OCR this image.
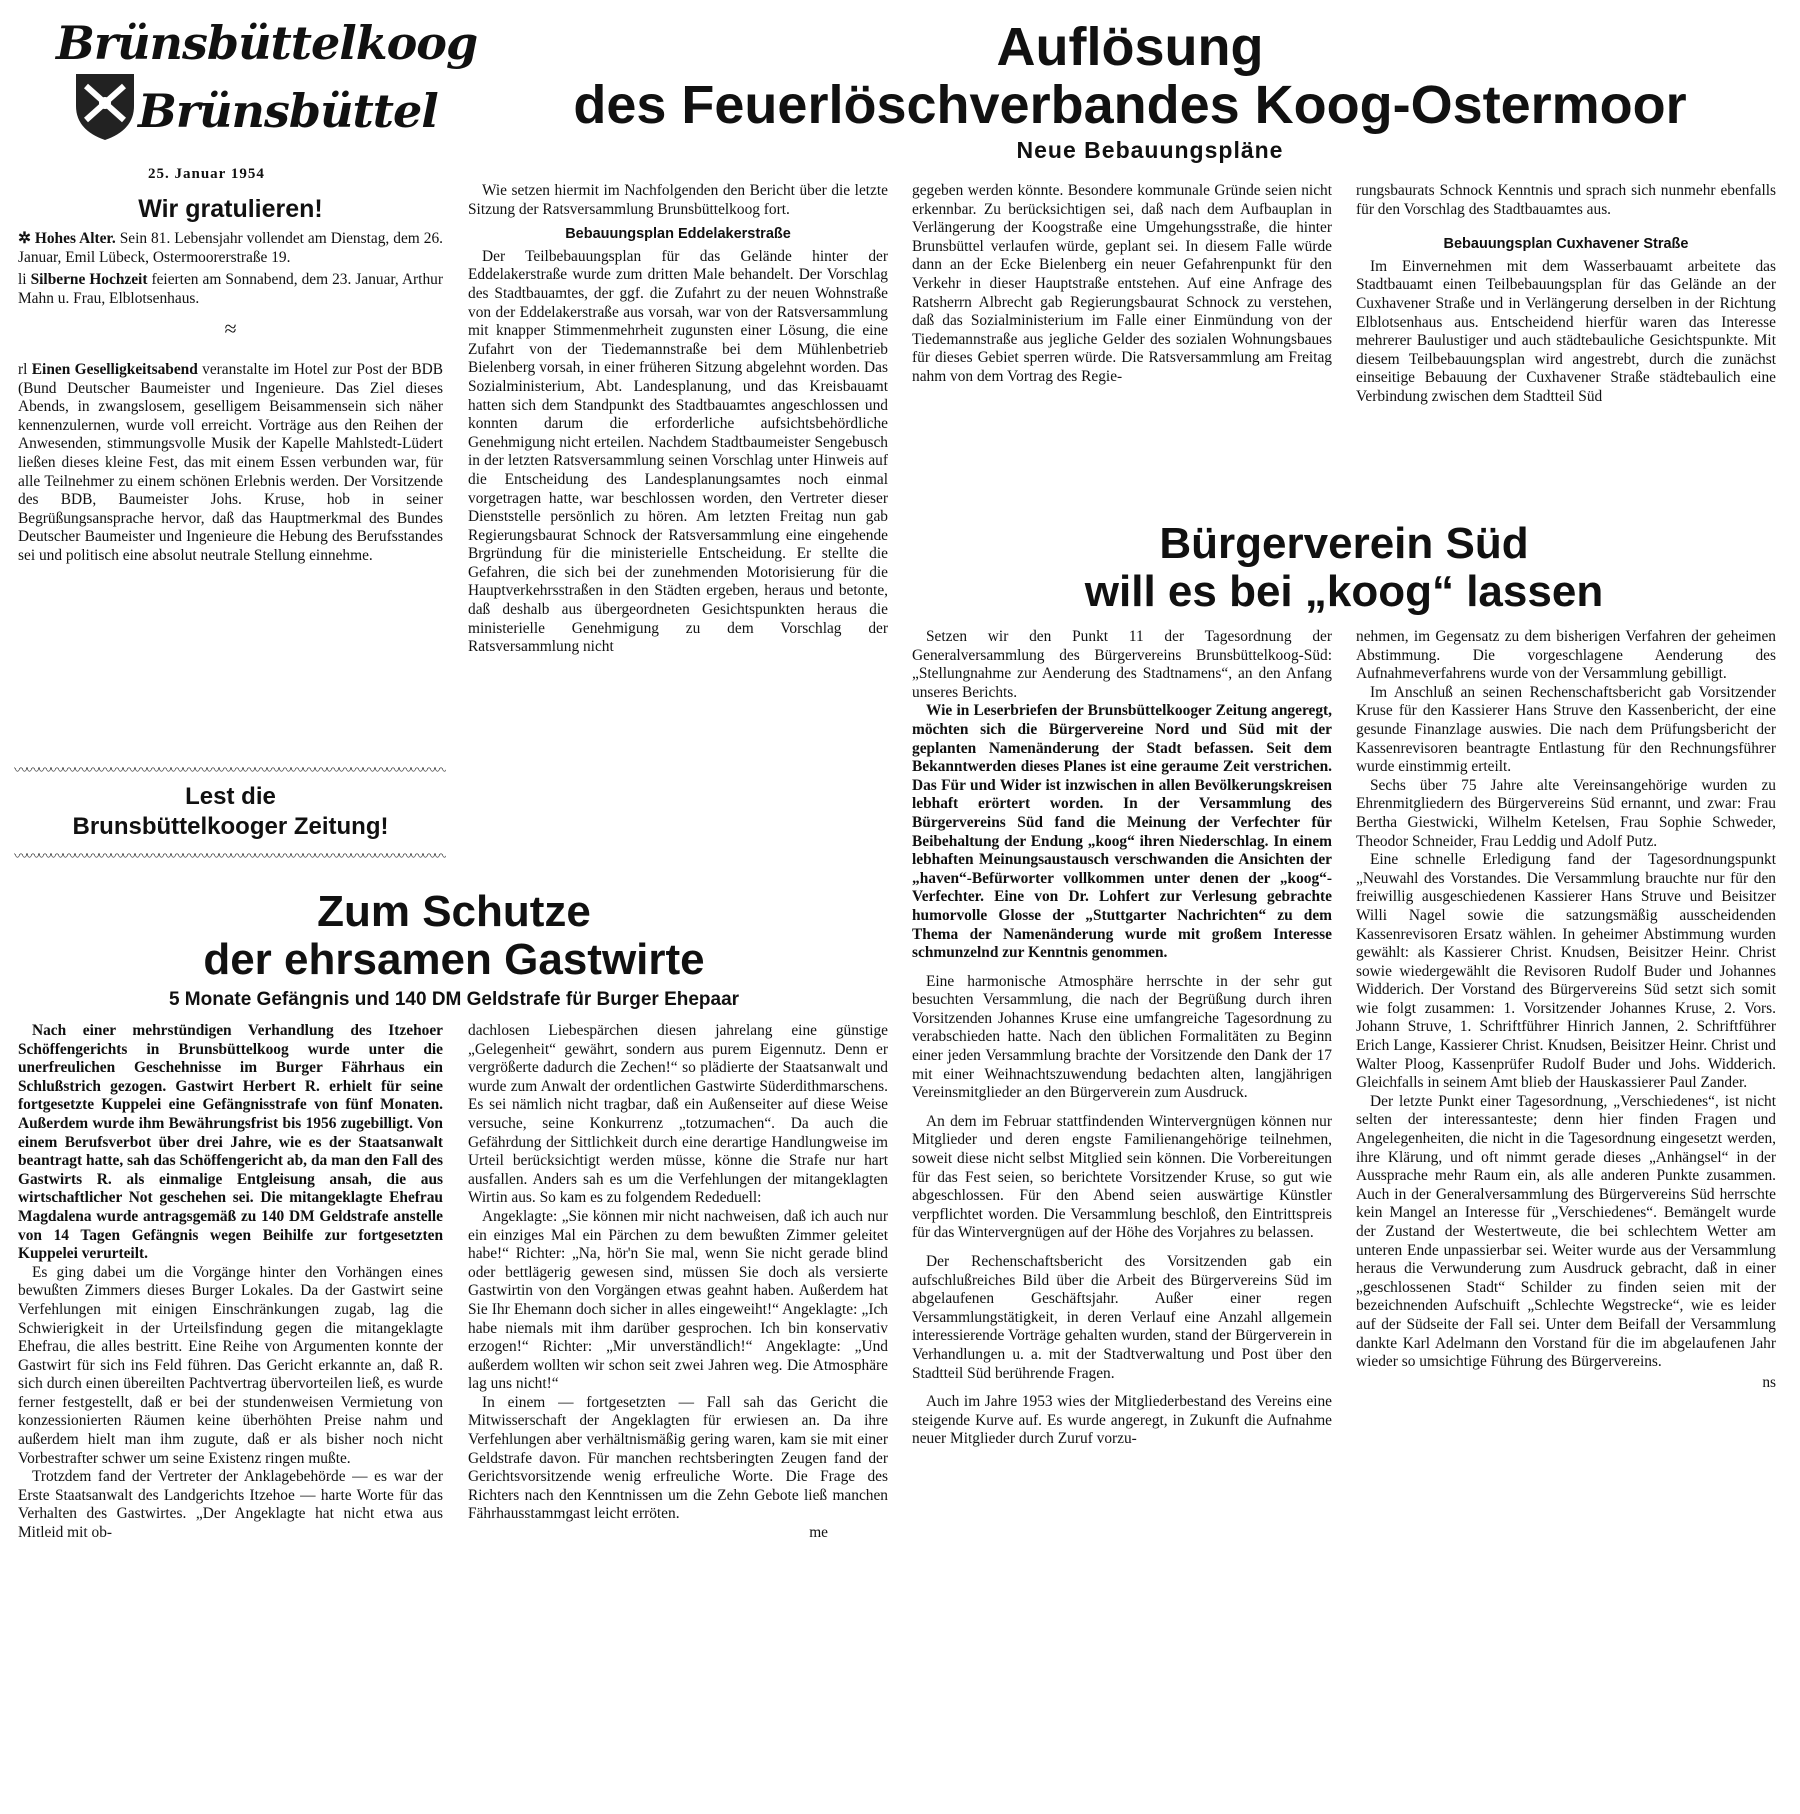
Brünsbüttelkoog
Brünsbüttel
25. Januar 1954
Auflösung
des Feuerlöschverbandes Koog-Ostermoor
Neue Bebauungspläne
Wir gratulieren!

✲ Hohes Alter. Sein 81. Lebensjahr vollendet am Dienstag, dem 26. Januar, Emil Lübeck, Ostermoorerstraße 19.

li Silberne Hochzeit feierten am Sonnabend, dem 23. Januar, Arthur Mahn u. Frau, Elblotsenhaus.

≈

rl Einen Geselligkeitsabend veranstalte im Hotel zur Post der BDB (Bund Deutscher Baumeister und Ingenieure. Das Ziel dieses Abends, in zwangslosem, geselligem Beisammensein sich näher kennenzulernen, wurde voll erreicht. Vorträge aus den Reihen der Anwesenden, stimmungsvolle Musik der Kapelle Mahlstedt-Lüdert ließen dieses kleine Fest, das mit einem Essen verbunden war, für alle Teilnehmer zu einem schönen Erlebnis werden. Der Vorsitzende des BDB, Baumeister Johs. Kruse, hob in seiner Begrüßungsansprache hervor, daß das Hauptmerkmal des Bundes Deutscher Baumeister und Ingenieure die Hebung des Berufsstandes sei und politisch eine absolut neutrale Stellung einnehme.

〰〰〰〰〰〰〰〰〰〰〰〰〰〰〰〰〰〰〰〰〰〰〰〰〰〰〰〰〰〰〰〰〰〰〰〰
Lest die
Brunsbüttelkooger Zeitung!
〰〰〰〰〰〰〰〰〰〰〰〰〰〰〰〰〰〰〰〰〰〰〰〰〰〰〰〰〰〰〰〰〰〰〰〰

Wie setzen hiermit im Nachfolgenden den Bericht über die letzte Sitzung der Ratsversammlung Brunsbüttelkoog fort.

Bebauungsplan Eddelakerstraße

Der Teilbebauungsplan für das Gelände hinter der Eddelakerstraße wurde zum dritten Male behandelt. Der Vorschlag des Stadtbauamtes, der ggf. die Zufahrt zu der neuen Wohnstraße von der Eddelakerstraße aus vorsah, war von der Ratsversammlung mit knapper Stimmenmehrheit zugunsten einer Lösung, die eine Zufahrt von der Tiedemannstraße bei dem Mühlenbetrieb Bielenberg vorsah, in einer früheren Sitzung abgelehnt worden. Das Sozialministerium, Abt. Landesplanung, und das Kreisbauamt hatten sich dem Standpunkt des Stadtbauamtes angeschlossen und konnten darum die erforderliche aufsichtsbehördliche Genehmigung nicht erteilen. Nachdem Stadtbaumeister Sengebusch in der letzten Ratsversammlung seinen Vorschlag unter Hinweis auf die Entscheidung des Landesplanungsamtes noch einmal vorgetragen hatte, war beschlossen worden, den Vertreter dieser Dienststelle persönlich zu hören. Am letzten Freitag nun gab Regierungsbaurat Schnock der Ratsversammlung eine eingehende Brgründung für die ministerielle Entscheidung. Er stellte die Gefahren, die sich bei der zunehmenden Motorisierung für die Hauptverkehrsstraßen in den Städten ergeben, heraus und betonte, daß deshalb aus übergeordneten Gesichtspunkten heraus die ministerielle Genehmigung zu dem Vorschlag der Ratsversammlung nicht

gegeben werden könnte. Besondere kommunale Gründe seien nicht erkennbar. Zu berücksichtigen sei, daß nach dem Aufbauplan in Verlängerung der Koogstraße eine Umgehungsstraße, die hinter Brunsbüttel verlaufen würde, geplant sei. In diesem Falle würde dann an der Ecke Bielenberg ein neuer Gefahrenpunkt für den Verkehr in dieser Hauptstraße entstehen. Auf eine Anfrage des Ratsherrn Albrecht gab Regierungsbaurat Schnock zu verstehen, daß das Sozialministerium im Falle einer Einmündung von der Tiedemannstraße aus jegliche Gelder des sozialen Wohnungsbaues für dieses Gebiet sperren würde. Die Ratsversammlung am Freitag nahm von dem Vortrag des Regie-

rungsbaurats Schnock Kenntnis und sprach sich nunmehr ebenfalls für den Vorschlag des Stadtbauamtes aus.

Bebauungsplan Cuxhavener Straße

Im Einvernehmen mit dem Wasserbauamt arbeitete das Stadtbauamt einen Teilbebauungsplan für das Gelände an der Cuxhavener Straße und in Verlängerung derselben in der Richtung Elblotsenhaus aus. Entscheidend hierfür waren das Interesse mehrerer Baulustiger und auch städtebauliche Gesichtspunkte. Mit diesem Teilbebauungsplan wird angestrebt, durch die zunächst einseitige Bebauung der Cuxhavener Straße städtebaulich eine Verbindung zwischen dem Stadtteil Süd

Bürgerverein Süd
will es bei „koog“ lassen

Setzen wir den Punkt 11 der Tagesordnung der Generalversammlung des Bürgervereins Brunsbüttelkoog-Süd: „Stellungnahme zur Aenderung des Stadtnamens“, an den Anfang unseres Berichts.

Wie in Leserbriefen der Brunsbüttelkooger Zeitung angeregt, möchten sich die Bürgervereine Nord und Süd mit der geplanten Namenänderung der Stadt befassen. Seit dem Bekanntwerden dieses Planes ist eine geraume Zeit verstrichen. Das Für und Wider ist inzwischen in allen Bevölkerungskreisen lebhaft erörtert worden. In der Versammlung des Bürgervereins Süd fand die Meinung der Verfechter für Beibehaltung der Endung „koog“ ihren Niederschlag. In einem lebhaften Meinungsaustausch verschwanden die Ansichten der „haven“-Befürworter vollkommen unter denen der „koog“-Verfechter. Eine von Dr. Lohfert zur Verlesung gebrachte humorvolle Glosse der „Stuttgarter Nachrichten“ zu dem Thema der Namenänderung wurde mit großem Interesse schmunzelnd zur Kenntnis genommen.

Eine harmonische Atmosphäre herrschte in der sehr gut besuchten Versammlung, die nach der Begrüßung durch ihren Vorsitzenden Johannes Kruse eine umfangreiche Tagesordnung zu verabschieden hatte. Nach den üblichen Formalitäten zu Beginn einer jeden Versammlung brachte der Vorsitzende den Dank der 17 mit einer Weihnachtszuwendung bedachten alten, langjährigen Vereinsmitglieder an den Bürgerverein zum Ausdruck.

An dem im Februar stattfindenden Wintervergnügen können nur Mitglieder und deren engste Familienangehörige teilnehmen, soweit diese nicht selbst Mitglied sein können. Die Vorbereitungen für das Fest seien, so berichtete Vorsitzender Kruse, so gut wie abgeschlossen. Für den Abend seien auswärtige Künstler verpflichtet worden. Die Versammlung beschloß, den Eintrittspreis für das Wintervergnügen auf der Höhe des Vorjahres zu belassen.

Der Rechenschaftsbericht des Vorsitzenden gab ein aufschlußreiches Bild über die Arbeit des Bürgervereins Süd im abgelaufenen Geschäftsjahr. Außer einer regen Versammlungstätigkeit, in deren Verlauf eine Anzahl allgemein interessierende Vorträge gehalten wurden, stand der Bürgerverein in Verhandlungen u. a. mit der Stadtverwaltung und Post über den Stadtteil Süd berührende Fragen.

Auch im Jahre 1953 wies der Mitgliederbestand des Vereins eine steigende Kurve auf. Es wurde angeregt, in Zukunft die Aufnahme neuer Mitglieder durch Zuruf vorzu-

nehmen, im Gegensatz zu dem bisherigen Verfahren der geheimen Abstimmung. Die vorgeschlagene Aenderung des Aufnahmeverfahrens wurde von der Versammlung gebilligt.

Im Anschluß an seinen Rechenschaftsbericht gab Vorsitzender Kruse für den Kassierer Hans Struve den Kassenbericht, der eine gesunde Finanzlage auswies. Die nach dem Prüfungsbericht der Kassenrevisoren beantragte Entlastung für den Rechnungsführer wurde einstimmig erteilt.

Sechs über 75 Jahre alte Vereinsangehörige wurden zu Ehrenmitgliedern des Bürgervereins Süd ernannt, und zwar: Frau Bertha Giestwicki, Wilhelm Ketelsen, Frau Sophie Schweder, Theodor Schneider, Frau Leddig und Adolf Putz.

Eine schnelle Erledigung fand der Tagesordnungspunkt „Neuwahl des Vorstandes. Die Versammlung brauchte nur für den freiwillig ausgeschiedenen Kassierer Hans Struve und Beisitzer Willi Nagel sowie die satzungsmäßig ausscheidenden Kassenrevisoren Ersatz wählen. In geheimer Abstimmung wurden gewählt: als Kassierer Christ. Knudsen, Beisitzer Heinr. Christ sowie wiedergewählt die Revisoren Rudolf Buder und Johannes Widderich. Der Vorstand des Bürgervereins Süd setzt sich somit wie folgt zusammen: 1. Vorsitzender Johannes Kruse, 2. Vors. Johann Struve, 1. Schriftführer Hinrich Jannen, 2. Schriftführer Erich Lange, Kassierer Christ. Knudsen, Beisitzer Heinr. Christ und Walter Ploog, Kassenprüfer Rudolf Buder und Johs. Widderich. Gleichfalls in seinem Amt blieb der Hauskassierer Paul Zander.

Der letzte Punkt einer Tagesordnung, „Verschiedenes“, ist nicht selten der interessanteste; denn hier finden Fragen und Angelegenheiten, die nicht in die Tagesordnung eingesetzt werden, ihre Klärung, und oft nimmt gerade dieses „Anhängsel“ in der Aussprache mehr Raum ein, als alle anderen Punkte zusammen. Auch in der Generalversammlung des Bürgervereins Süd herrschte kein Mangel an Interesse für „Verschiedenes“. Bemängelt wurde der Zustand der Westertweute, die bei schlechtem Wetter am unteren Ende unpassierbar sei. Weiter wurde aus der Versammlung heraus die Verwunderung zum Ausdruck gebracht, daß in einer „geschlossenen Stadt“ Schilder zu finden seien mit der bezeichnenden Aufschuift „Schlechte Wegstrecke“, wie es leider auf der Südseite der Fall sei. Unter dem Beifall der Versammlung dankte Karl Adelmann den Vorstand für die im abgelaufenen Jahr wieder so umsichtige Führung des Bürgervereins.

ns
Zum Schutze
der ehrsamen Gastwirte
5 Monate Gefängnis und 140 DM Geldstrafe für Burger Ehepaar

Nach einer mehrstündigen Verhandlung des Itzehoer Schöffengerichts in Brunsbüttelkoog wurde unter die unerfreulichen Geschehnisse im Burger Fährhaus ein Schlußstrich gezogen. Gastwirt Herbert R. erhielt für seine fortgesetzte Kuppelei eine Gefängnisstrafe von fünf Monaten. Außerdem wurde ihm Bewährungsfrist bis 1956 zugebilligt. Von einem Berufsverbot über drei Jahre, wie es der Staatsanwalt beantragt hatte, sah das Schöffengericht ab, da man den Fall des Gastwirts R. als einmalige Entgleisung ansah, die aus wirtschaftlicher Not geschehen sei. Die mitangeklagte Ehefrau Magdalena wurde antragsgemäß zu 140 DM Geldstrafe anstelle von 14 Tagen Gefängnis wegen Beihilfe zur fortgesetzten Kuppelei verurteilt.

Es ging dabei um die Vorgänge hinter den Vorhängen eines bewußten Zimmers dieses Burger Lokales. Da der Gastwirt seine Verfehlungen mit einigen Einschränkungen zugab, lag die Schwierigkeit in der Urteilsfindung gegen die mitangeklagte Ehefrau, die alles bestritt. Eine Reihe von Argumenten konnte der Gastwirt für sich ins Feld führen. Das Gericht erkannte an, daß R. sich durch einen übereilten Pachtvertrag übervorteilen ließ, es wurde ferner festgestellt, daß er bei der stundenweisen Vermietung von konzessionierten Räumen keine überhöhten Preise nahm und außerdem hielt man ihm zugute, daß er als bisher noch nicht Vorbestrafter schwer um seine Existenz ringen mußte.

Trotzdem fand der Vertreter der Anklagebehörde — es war der Erste Staatsanwalt des Landgerichts Itzehoe — harte Worte für das Verhalten des Gastwirtes. „Der Angeklagte hat nicht etwa aus Mitleid mit ob-

dachlosen Liebespärchen diesen jahrelang eine günstige „Gelegenheit“ gewährt, sondern aus purem Eigennutz. Denn er vergrößerte dadurch die Zechen!“ so plädierte der Staatsanwalt und wurde zum Anwalt der ordentlichen Gastwirte Süderdithmarschens. Es sei nämlich nicht tragbar, daß ein Außenseiter auf diese Weise versuche, seine Konkurrenz „totzumachen“. Da auch die Gefährdung der Sittlichkeit durch eine derartige Handlungweise im Urteil berücksichtigt werden müsse, könne die Strafe nur hart ausfallen. Anders sah es um die Verfehlungen der mitangeklagten Wirtin aus. So kam es zu folgendem Rededuell:

Angeklagte: „Sie können mir nicht nachweisen, daß ich auch nur ein einziges Mal ein Pärchen zu dem bewußten Zimmer geleitet habe!“ Richter: „Na, hör'n Sie mal, wenn Sie nicht gerade blind oder bettlägerig gewesen sind, müssen Sie doch als versierte Gastwirtin von den Vorgängen etwas geahnt haben. Außerdem hat Sie Ihr Ehemann doch sicher in alles eingeweiht!“ Angeklagte: „Ich habe niemals mit ihm darüber gesprochen. Ich bin konservativ erzogen!“ Richter: „Mir unverständlich!“ Angeklagte: „Und außerdem wollten wir schon seit zwei Jahren weg. Die Atmosphäre lag uns nicht!“

In einem — fortgesetzten — Fall sah das Gericht die Mitwisserschaft der Angeklagten für erwiesen an. Da ihre Verfehlungen aber verhältnismäßig gering waren, kam sie mit einer Geldstrafe davon. Für manchen rechtsberingten Zeugen fand der Gerichtsvorsitzende wenig erfreuliche Worte. Die Frage des Richters nach den Kenntnissen um die Zehn Gebote ließ manchen Fährhausstammgast leicht erröten.

me
